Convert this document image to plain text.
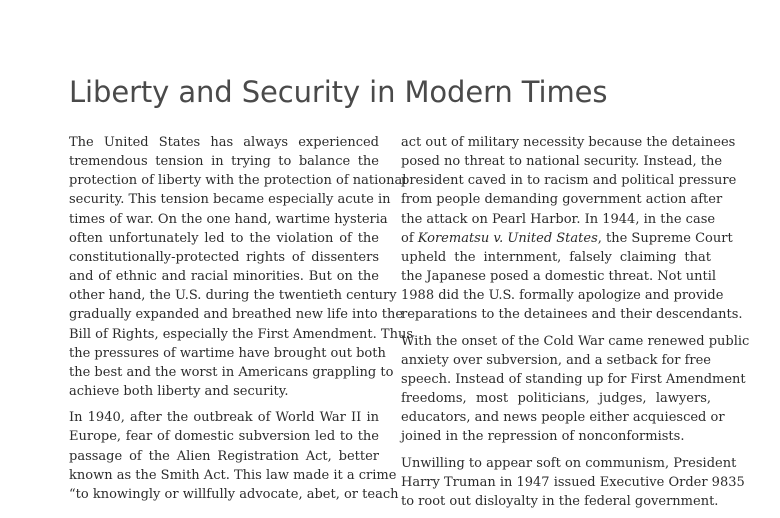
Liberty and Security in Modern Times

The United States has always experienced
tremendous tension in trying to balance the
protection of liberty with the protection of national
security. This tension became especially acute in
times of war. On the one hand, wartime hysteria
often unfortunately led to the violation of the
constitutionally-protected rights of dissenters
and of ethnic and racial minorities. But on the
other hand, the U.S. during the twentieth century
gradually expanded and breathed new life into the
Bill of Rights, especially the First Amendment. Thus
the pressures of wartime have brought out both
the best and the worst in Americans grappling to
achieve both liberty and security.

In 1940, after the outbreak of World War II in
Europe, fear of domestic subversion led to the
passage of the Alien Registration Act, better
known as the Smith Act. This law made it a crime
“to knowingly or willfully advocate, abet, or teach

act out of military necessity because the detainees
posed no threat to national security. Instead, the
president caved in to racism and political pressure
from people demanding government action after
the attack on Pearl Harbor. In 1944, in the case
of Korematsu v. United States, the Supreme Court
upheld the internment, falsely claiming that
the Japanese posed a domestic threat. Not until
1988 did the U.S. formally apologize and provide
reparations to the detainees and their descendants.

With the onset of the Cold War came renewed public
anxiety over subversion, and a setback for free
speech. Instead of standing up for First Amendment
freedoms, most politicians, judges, lawyers,
educators, and news people either acquiesced or
joined in the repression of nonconformists.

Unwilling to appear soft on communism, President
Harry Truman in 1947 issued Executive Order 9835
to root out disloyalty in the federal government.
